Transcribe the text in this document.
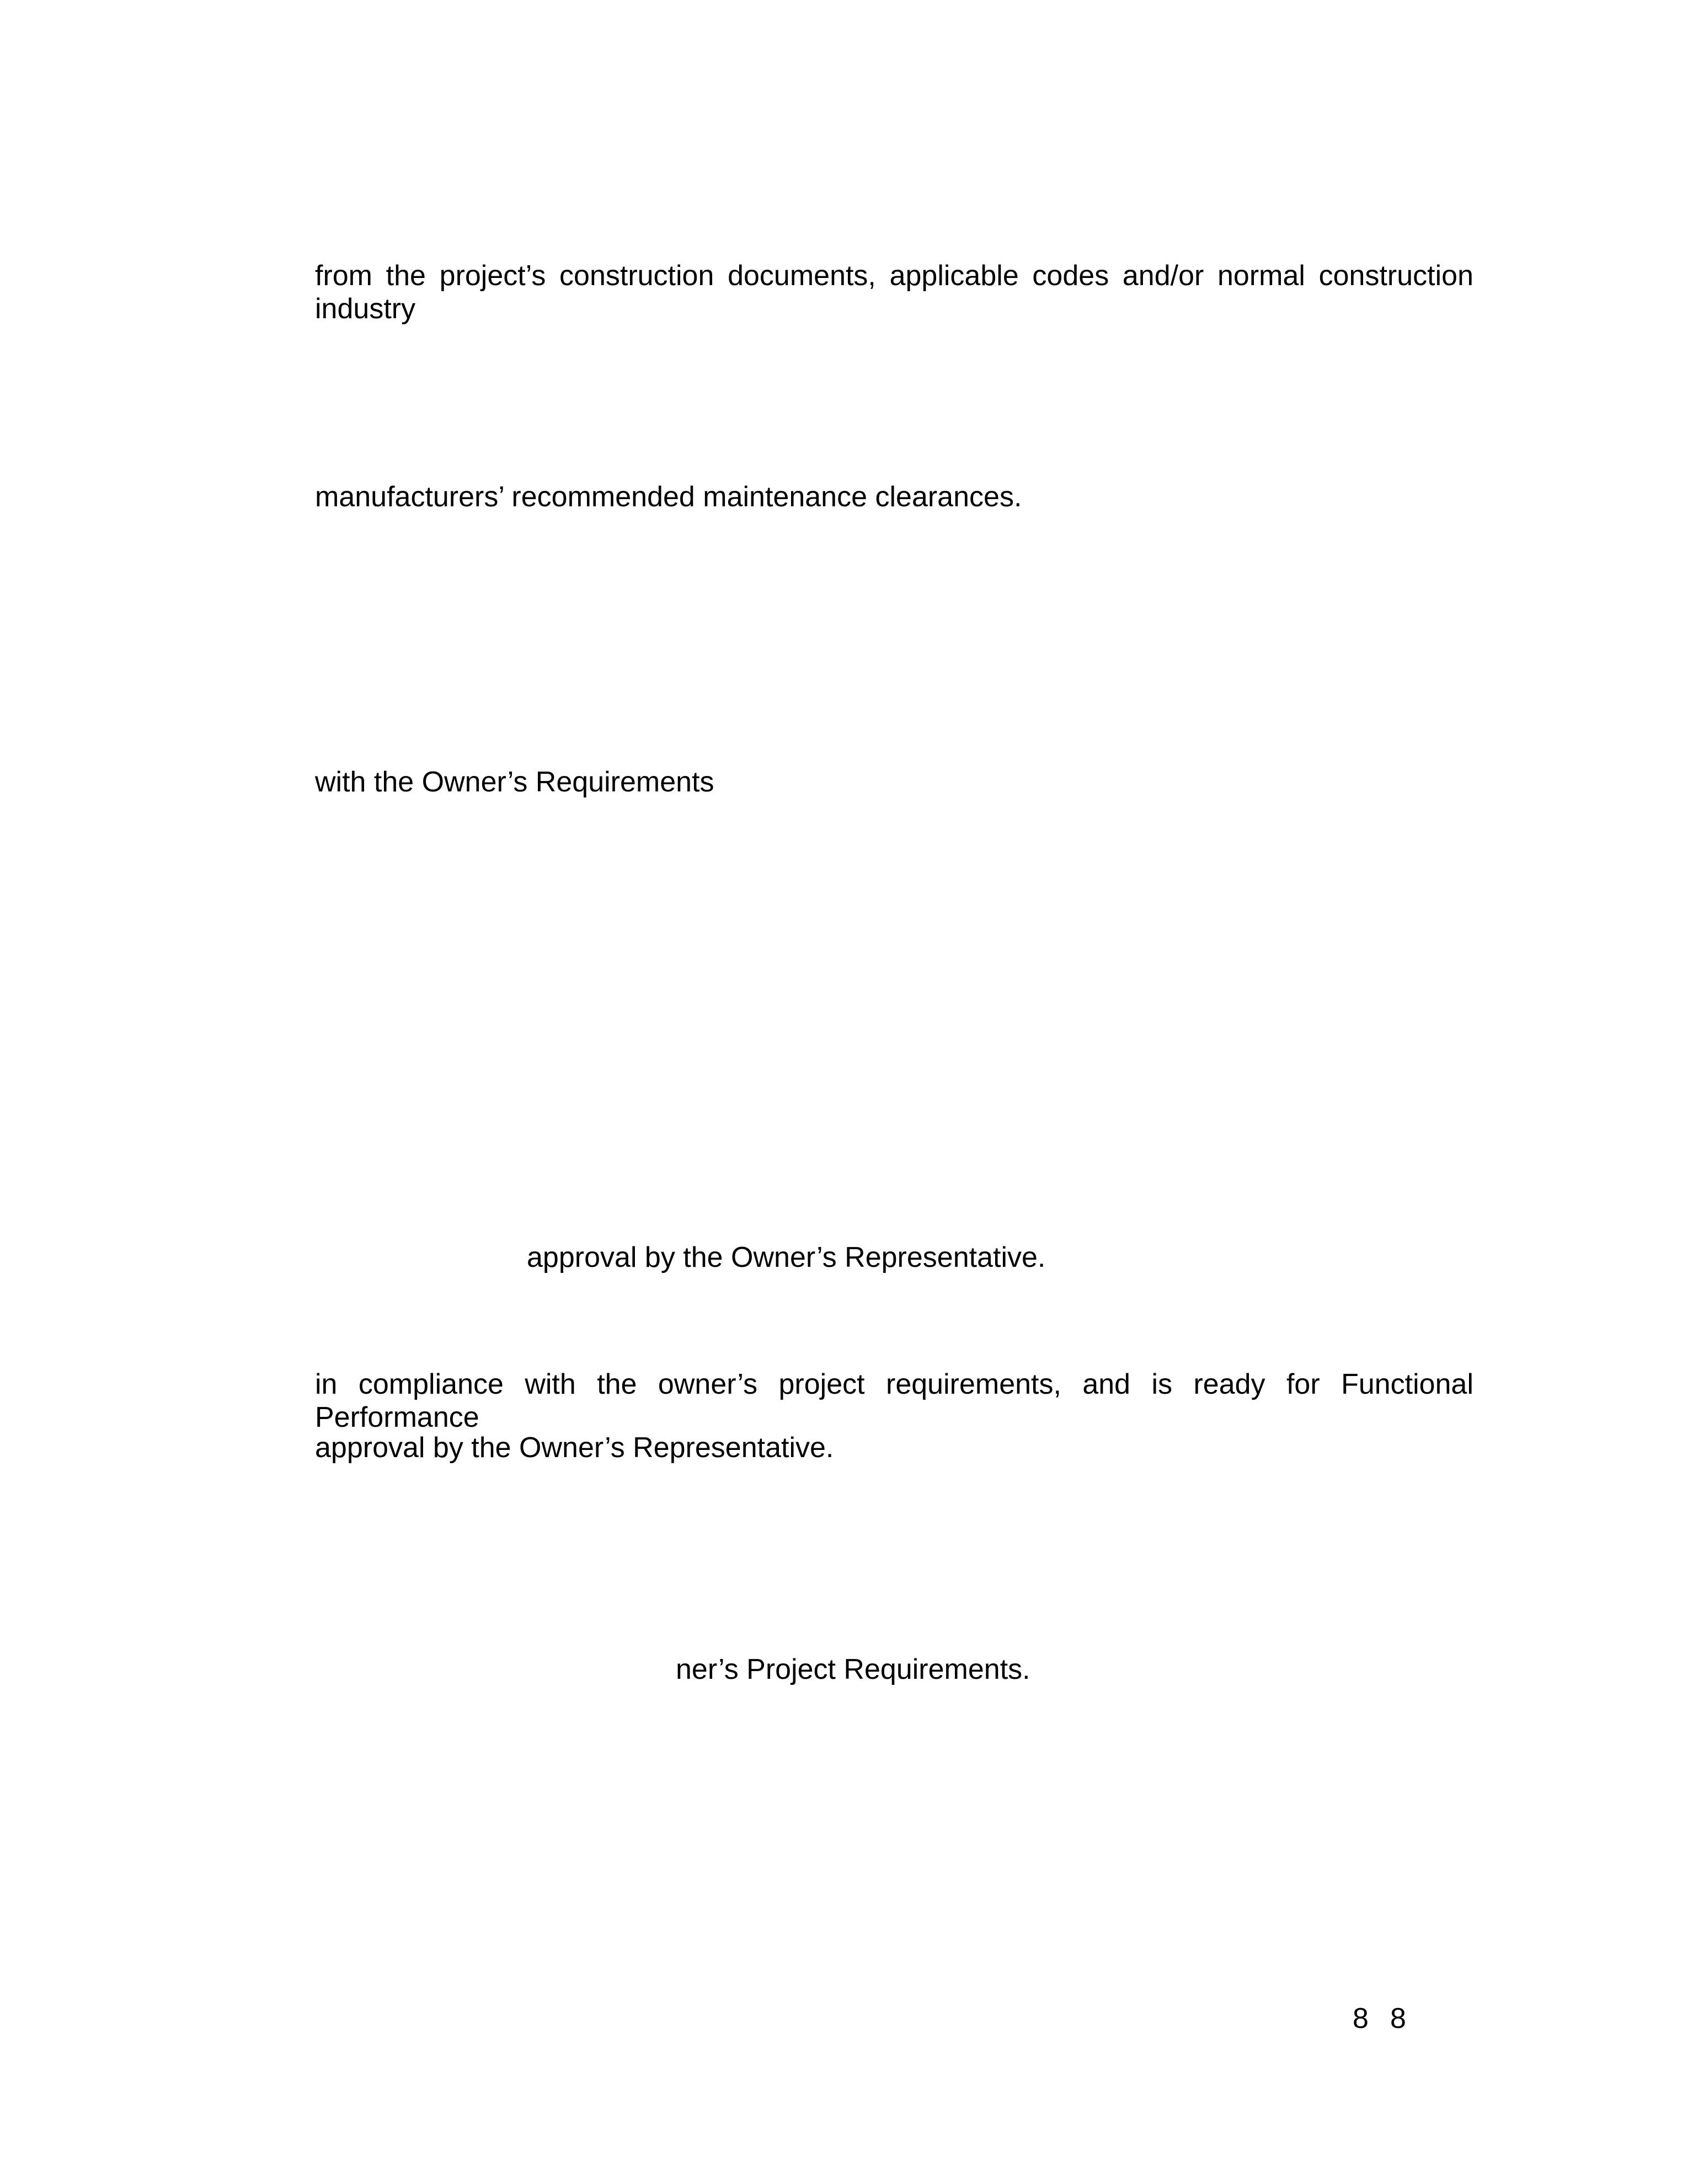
from the project’s construction documents, applicable codes and/or normal construction industry
manufacturers’ recommended maintenance clearances.
with the Owner’s Requirements
approval by the Owner’s Representative.
in compliance with the owner’s project requirements, and is ready for Functional Performance
approval by the Owner’s Representative.
ner’s Project Requirements.
8 8
